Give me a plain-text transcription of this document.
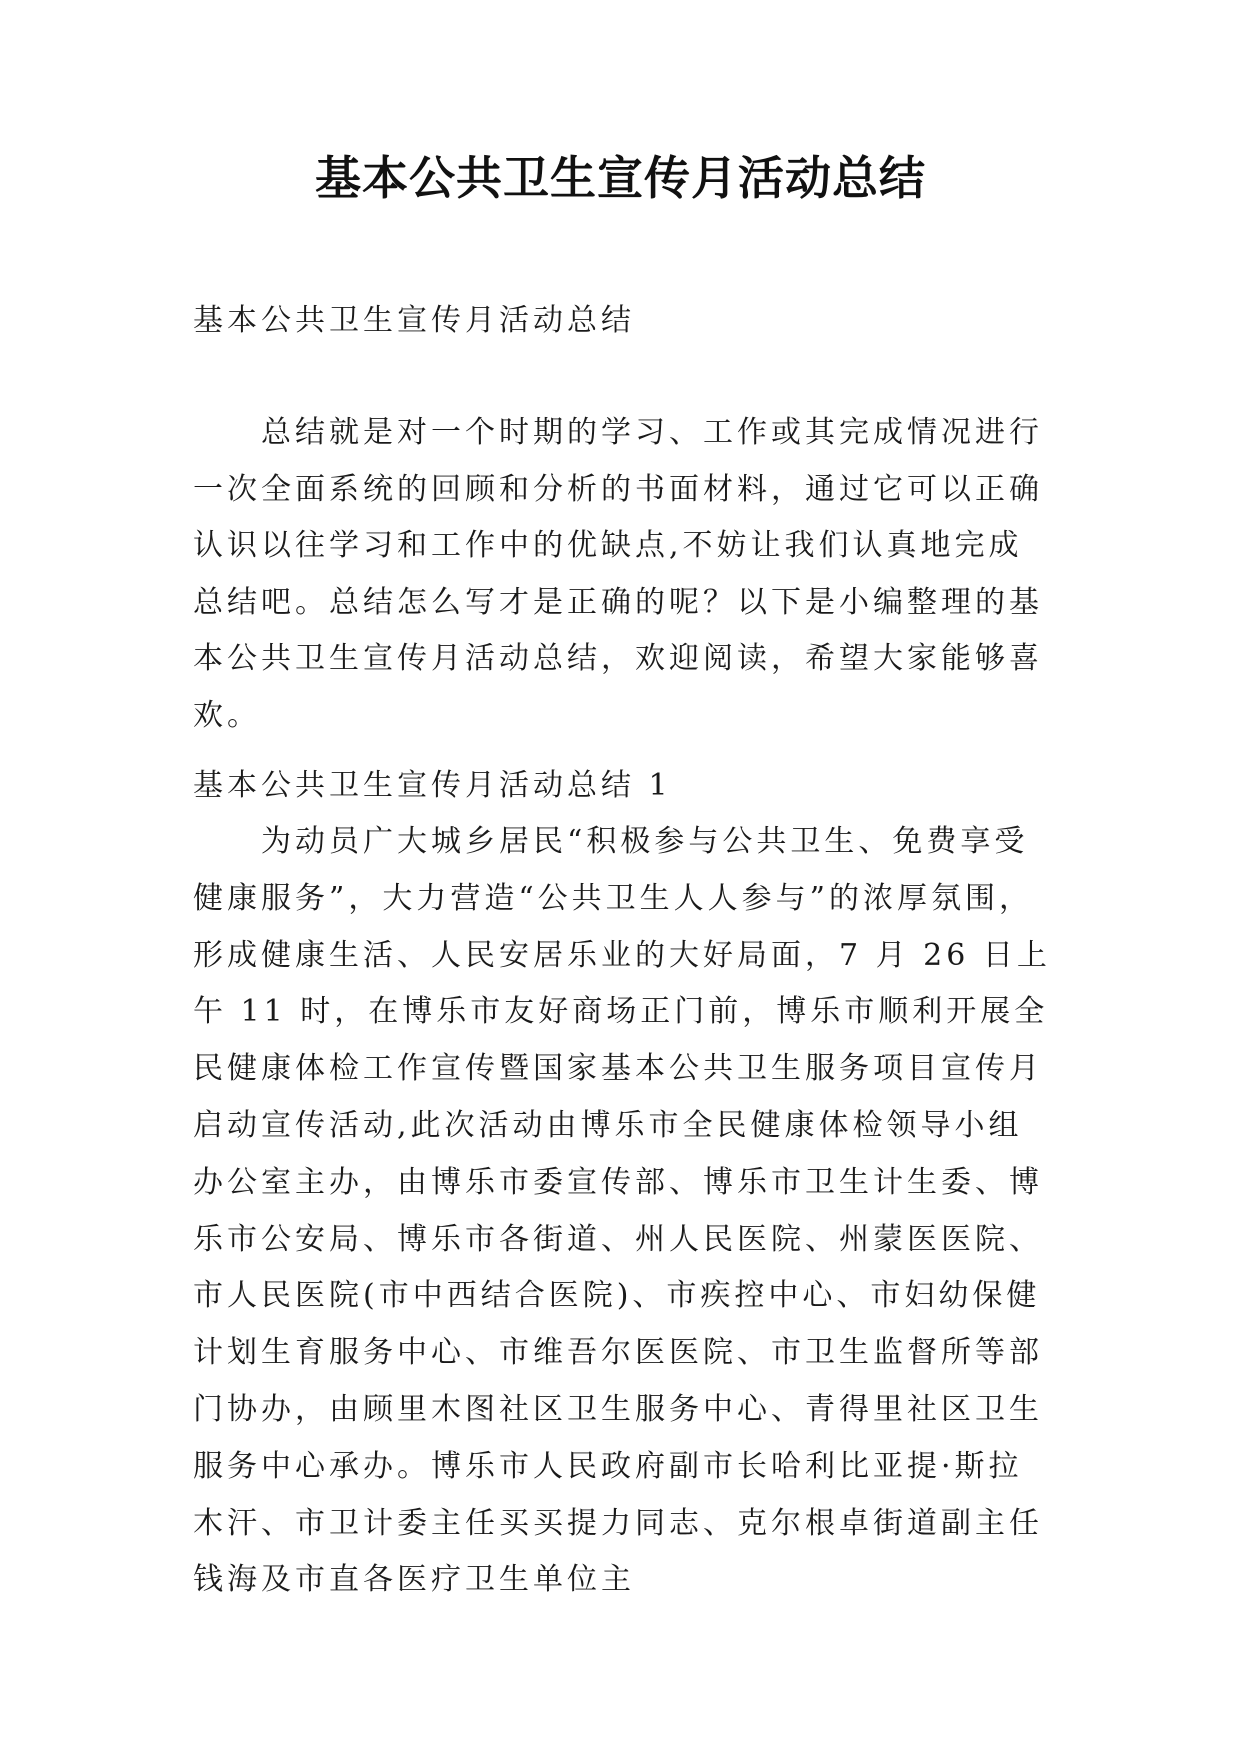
基本公共卫生宣传月活动总结
基本公共卫生宣传月活动总结
总结就是对一个时期的学习、工作或其完成情况进行一次全面系统的回顾和分析的书面材料，通过它可以正确认识以往学习和工作中的优缺点,不妨让我们认真地完成总结吧。总结怎么写才是正确的呢？以下是小编整理的基本公共卫生宣传月活动总结，欢迎阅读，希望大家能够喜欢。
基本公共卫生宣传月活动总结 1
为动员广大城乡居民“积极参与公共卫生、免费享受健康服务”，大力营造“公共卫生人人参与”的浓厚氛围，形成健康生活、人民安居乐业的大好局面，7 月 26 日上午 11 时，在博乐市友好商场正门前，博乐市顺利开展全民健康体检工作宣传暨国家基本公共卫生服务项目宣传月启动宣传活动,此次活动由博乐市全民健康体检领导小组办公室主办，由博乐市委宣传部、博乐市卫生计生委、博乐市公安局、博乐市各街道、州人民医院、州蒙医医院、 市人民医院(市中西结合医院)、市疾控中心、市妇幼保健计划生育服务中心、市维吾尔医医院、市卫生监督所等部门协办，由顾里木图社区卫生服务中心、青得里社区卫生服务中心承办。博乐市人民政府副市长哈利比亚提·斯拉木汗、市卫计委主任买买提力同志、克尔根卓街道副主任钱海及市直各医疗卫生单位主
